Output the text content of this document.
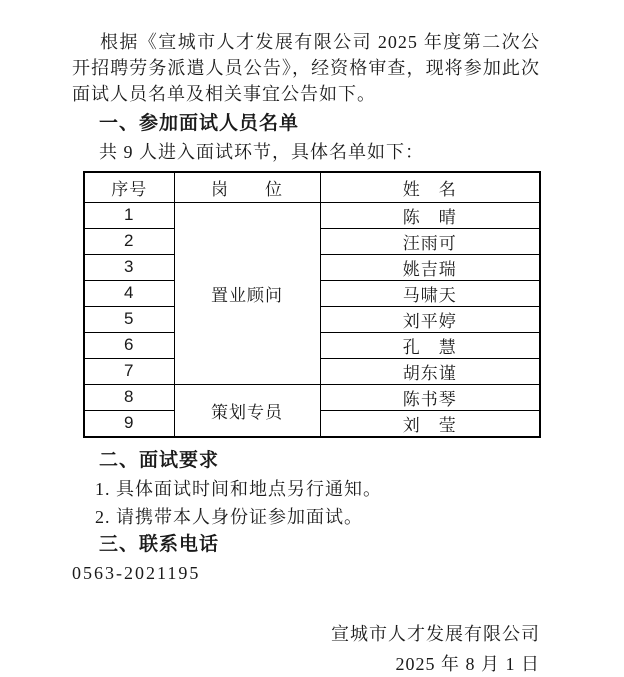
根据《宣城市人才发展有限公司 2025 年度第二次公开招聘劳务派遣人员公告》，经资格审查，现将参加此次面试人员名单及相关事宜公告如下。

一、参加面试人员名单

共 9 人进入面试环节，具体名单如下：

序号	岗　　位	姓　名
1	置业顾问	陈　晴
2		汪雨可
3		姚吉瑞
4		马啸天
5		刘平婷
6		孔　慧
7		胡东谨
8	策划专员	陈书琴
9		刘　莹

二、面试要求

1. 具体面试时间和地点另行通知。

2. 请携带本人身份证参加面试。

三、联系电话

0563-2021195

宣城市人才发展有限公司

2025 年 8 月 1 日
